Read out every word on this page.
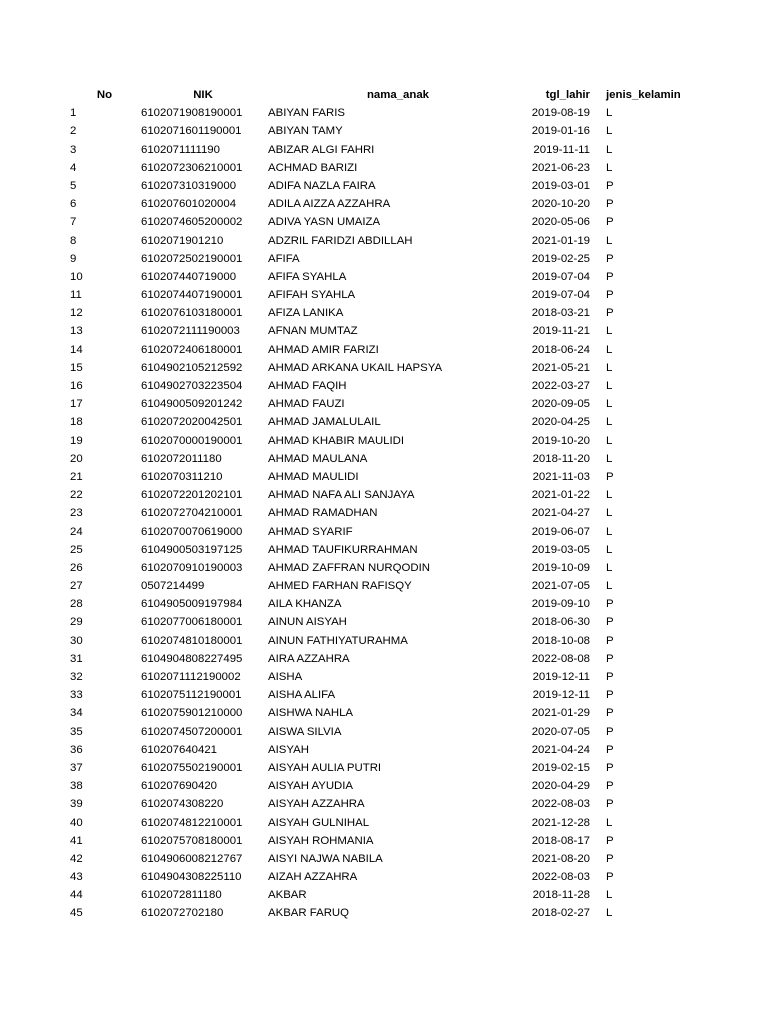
No	NIK	nama_anak	tgl_lahir jenis_kelamin
1	6102071908190001 ABIYAN FARIS	2019-08-19 L
2	6102071601190001 ABIYAN TAMY	2019-01-16 L
3	6102071111190	ABIZAR ALGI FAHRI	2019-11-11 L
4	6102072306210001 ACHMAD BARIZI	2021-06-23 L
5	610207310319000	ADIFA NAZLA FAIRA	2019-03-01 P
6	610207601020004	ADILA AIZZA AZZAHRA	2020-10-20 P
7	6102074605200002 ADIVA YASN UMAIZA	2020-05-06 P
8	6102071901210	ADZRIL FARIDZI ABDILLAH	2021-01-19 L
9	6102072502190001 AFIFA	2019-02-25 P
10	610207440719000	AFIFA SYAHLA	2019-07-04 P
11	6102074407190001 AFIFAH SYAHLA	2019-07-04 P
12	6102076103180001 AFIZA LANIKA	2018-03-21 P
13	6102072111190003 AFNAN MUMTAZ	2019-11-21 L
14	6102072406180001 AHMAD AMIR FARIZI	2018-06-24 L
15	6104902105212592 AHMAD ARKANA UKAIL HAPSYA	2021-05-21 L
16	6104902703223504 AHMAD FAQIH	2022-03-27 L
17	6104900509201242 AHMAD FAUZI	2020-09-05 L
18	6102072020042501 AHMAD JAMALULAIL	2020-04-25 L
19	6102070000190001 AHMAD KHABIR MAULIDI	2019-10-20 L
20	6102072011180	AHMAD MAULANA	2018-11-20 L
21	6102070311210	AHMAD MAULIDI	2021-11-03 P
22	6102072201202101 AHMAD NAFA ALI SANJAYA	2021-01-22 L
23	6102072704210001 AHMAD RAMADHAN	2021-04-27 L
24	6102070070619000 AHMAD SYARIF	2019-06-07 L
25	6104900503197125 AHMAD TAUFIKURRAHMAN	2019-03-05 L
26	6102070910190003 AHMAD ZAFFRAN NURQODIN	2019-10-09 L
27	0507214499	AHMED FARHAN RAFISQY	2021-07-05 L
28	6104905009197984 AILA KHANZA	2019-09-10 P
29	6102077006180001 AINUN AISYAH	2018-06-30 P
30	6102074810180001 AINUN FATHIYATURAHMA	2018-10-08 P
31	6104904808227495 AIRA AZZAHRA	2022-08-08 P
32	6102071112190002 AISHA	2019-12-11 P
33	6102075112190001 AISHA ALIFA	2019-12-11 P
34	6102075901210000 AISHWA NAHLA	2021-01-29 P
35	6102074507200001 AISWA SILVIA	2020-07-05 P
36	610207640421	AISYAH	2021-04-24 P
37	6102075502190001 AISYAH AULIA PUTRI	2019-02-15 P
38	610207690420	AISYAH AYUDIA	2020-04-29 P
39	6102074308220	AISYAH AZZAHRA	2022-08-03 P
40	6102074812210001 AISYAH GULNIHAL	2021-12-28 L
41	6102075708180001 AISYAH ROHMANIA	2018-08-17 P
42	6104906008212767 AISYI NAJWA NABILA	2021-08-20 P
43	6104904308225110 AIZAH AZZAHRA	2022-08-03 P
44	6102072811180	AKBAR	2018-11-28 L
45	6102072702180	AKBAR FARUQ	2018-02-27 L
